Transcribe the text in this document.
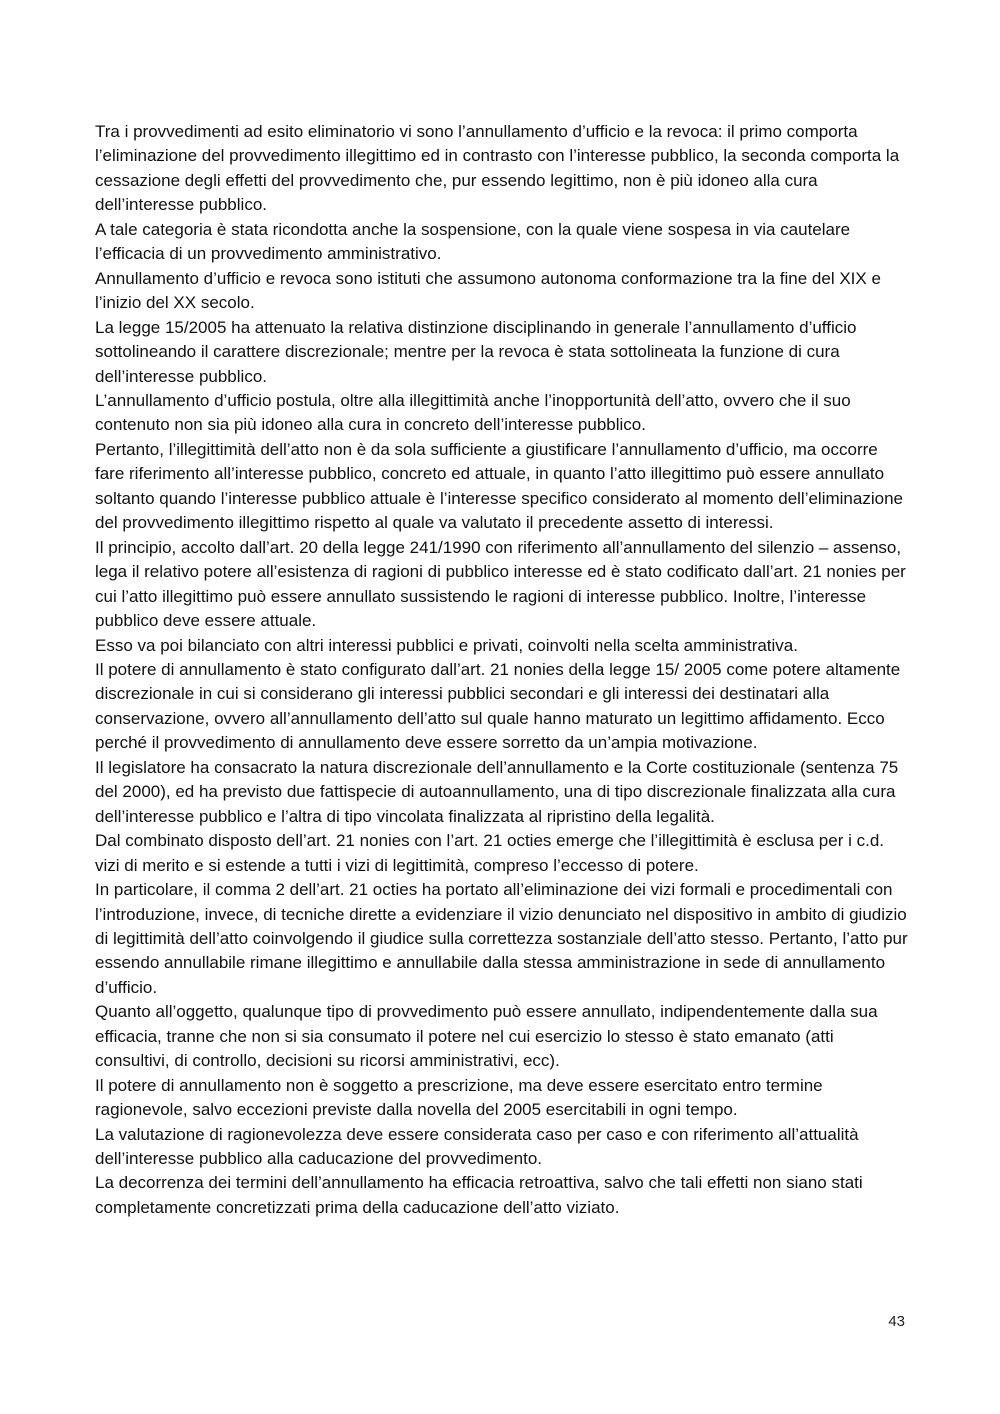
Tra i provvedimenti ad esito eliminatorio vi sono l’annullamento d’ufficio e la revoca: il primo comporta l’eliminazione del provvedimento illegittimo ed in contrasto con l’interesse pubblico, la seconda comporta la cessazione degli effetti del provvedimento che, pur essendo legittimo, non è più idoneo alla cura dell’interesse pubblico.

A tale categoria è stata ricondotta anche la sospensione, con la quale viene sospesa in via cautelare l’efficacia di un provvedimento amministrativo.

Annullamento d’ufficio e revoca sono istituti che assumono autonoma conformazione tra la fine del XIX e l’inizio del XX secolo.

La legge 15/2005 ha attenuato la relativa distinzione disciplinando in generale l’annullamento d’ufficio sottolineando il carattere discrezionale; mentre per la revoca è stata sottolineata la funzione di cura dell’interesse pubblico.

L’annullamento d’ufficio postula, oltre alla illegittimità anche l’inopportunità dell’atto, ovvero che il suo contenuto non sia più idoneo alla cura in concreto dell’interesse pubblico.

Pertanto, l’illegittimità dell’atto non è da sola sufficiente a giustificare l’annullamento d’ufficio, ma occorre fare riferimento all’interesse pubblico, concreto ed attuale, in quanto l’atto illegittimo può essere annullato soltanto quando l’interesse pubblico attuale è l’interesse specifico considerato al momento dell’eliminazione del provvedimento illegittimo rispetto al quale va valutato il precedente assetto di interessi.

Il principio, accolto dall’art. 20 della legge 241/1990 con riferimento all’annullamento del silenzio – assenso, lega il relativo potere all’esistenza di ragioni di pubblico interesse ed è stato codificato dall’art. 21 nonies per cui l’atto illegittimo può essere annullato sussistendo le ragioni di interesse pubblico. Inoltre, l’interesse pubblico deve essere attuale.

Esso va poi bilanciato con altri interessi pubblici e privati, coinvolti nella scelta amministrativa.

Il potere di annullamento è stato configurato dall’art. 21 nonies della legge 15/ 2005 come potere altamente discrezionale in cui si considerano gli interessi pubblici secondari e gli interessi dei destinatari alla conservazione, ovvero all’annullamento dell’atto sul quale hanno maturato un legittimo affidamento. Ecco perché il provvedimento di annullamento deve essere sorretto da un’ampia motivazione.

Il legislatore ha consacrato la natura discrezionale dell’annullamento e la Corte costituzionale (sentenza 75 del 2000), ed ha previsto due fattispecie di autoannullamento, una di tipo discrezionale finalizzata alla cura dell’interesse pubblico e l’altra di tipo vincolata finalizzata al ripristino della legalità.

Dal combinato disposto dell’art. 21 nonies con l’art. 21 octies emerge che l’illegittimità è esclusa per i c.d. vizi di merito e si estende a tutti i vizi di legittimità, compreso l’eccesso di potere.

In particolare, il comma 2 dell’art. 21 octies ha portato all’eliminazione dei vizi formali e procedimentali con l’introduzione, invece, di tecniche dirette a evidenziare il vizio denunciato nel dispositivo in ambito di giudizio di legittimità dell’atto coinvolgendo il giudice sulla correttezza sostanziale dell’atto stesso. Pertanto, l’atto pur essendo annullabile rimane illegittimo e annullabile dalla stessa amministrazione in sede di annullamento d’ufficio.

Quanto all’oggetto, qualunque tipo di provvedimento può essere annullato, indipendentemente dalla sua efficacia, tranne che non si sia consumato il potere nel cui esercizio lo stesso è stato emanato (atti consultivi, di controllo, decisioni su ricorsi amministrativi, ecc).

Il potere di annullamento non è soggetto a prescrizione, ma deve essere esercitato entro termine ragionevole, salvo eccezioni previste dalla novella del 2005 esercitabili in ogni tempo.

La valutazione di ragionevolezza deve essere considerata caso per caso e con riferimento all’attualità dell’interesse pubblico alla caducazione del provvedimento.

La decorrenza dei termini dell’annullamento ha efficacia retroattiva, salvo che tali effetti non siano stati completamente concretizzati prima della caducazione dell’atto viziato.

43
